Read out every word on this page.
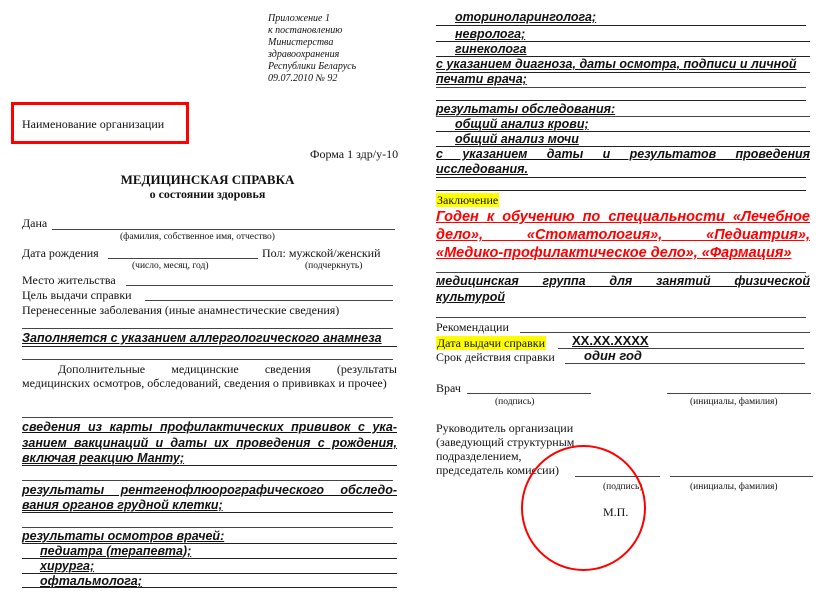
Приложение 1
к постановлению
Министерства
здравоохранения
Республики Беларусь
09.07.2010 № 92
Наименование организации
Форма 1 здр/у-10
МЕДИЦИНСКАЯ СПРАВКА
о состоянии здоровья
Дана
(фамилия, собственное имя, отчество)
Дата рождения	Пол: мужской/женский
(число, месяц, год)	(подчеркнуть)
Место жительства
Цель выдачи справки
Перенесенные заболевания (иные анамнестические сведения)
Заполняется с указанием аллергологического анамнеза
Дополнительные медицинские сведения (результаты медицинских осмотров, обследований, сведения о прививках и прочее)
сведения из карты профилактических прививок с ука-
занием вакцинаций и даты их проведения с рождения,
включая реакцию Манту;
результаты рентгенофлюорографического обследо-
вания органов грудной клетки;
результаты осмотров врачей:
педиатра (терапевта);
хирурга;
офтальмолога;
оториноларинголога;
невролога;
гинеколога
с указанием диагноза, даты осмотра, подписи и личной
печати врача;
результаты обследования:
общий анализ крови;
общий анализ мочи
с указанием даты и результатов проведения
исследования.
Заключение
Годен к обучению по специальности «Лечебное
дело», «Стоматология», «Педиатрия»,
«Медико-профилактическое дело», «Фармация»
медицинская группа для занятий физической
культурой
Рекомендации
Дата выдачи справки XX.XX.XXXX
Срок действия справки один год
Врач
(подпись)	(инициалы, фамилия)
Руководитель организации
(заведующий структурным
подразделением,
председатель комиссии)
(подпись)	(инициалы, фамилия)
М.П.
